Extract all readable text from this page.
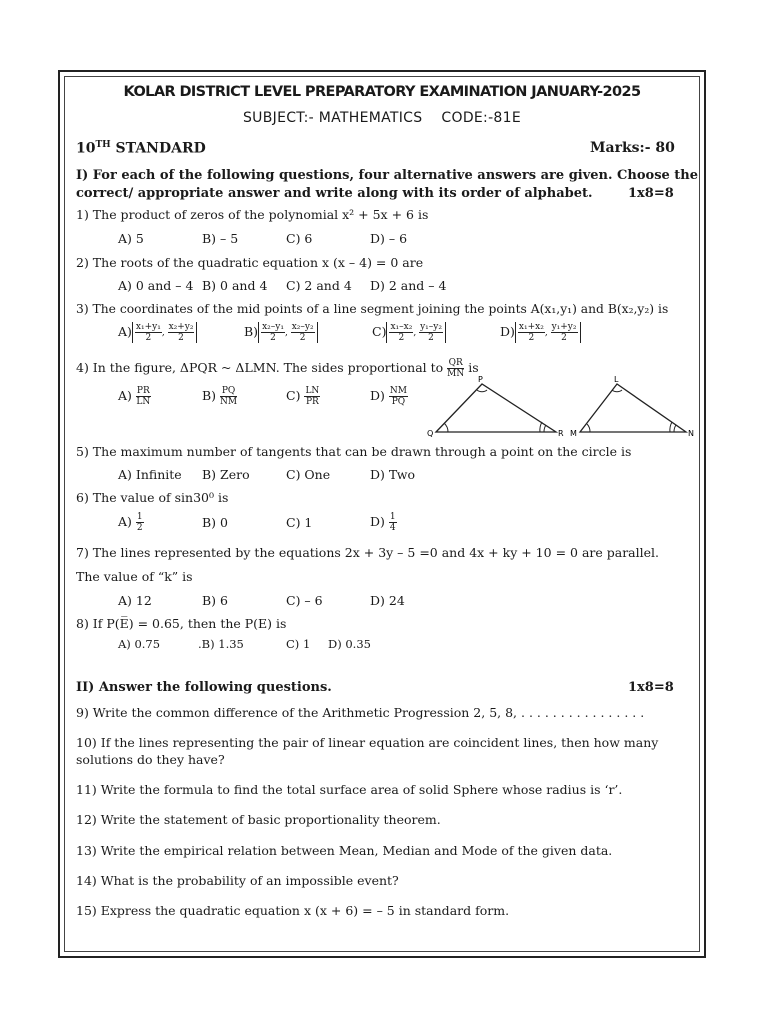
KOLAR DISTRICT LEVEL PREPARATORY EXAMINATION JANUARY-2025
SUBJECT:- MATHEMATICS    CODE:-81E
10TH STANDARD	Marks:- 80
I) For each of the following questions, four alternative answers are given. Choose the
correct/ appropriate answer and write along with its order of alphabet.	1x8=8
1) The product of zeros of the polynomial x² + 5x + 6 is
A) 5	B) – 5	C) 6	D) – 6
2) The roots of the quadratic equation x (x – 4) = 0 are
A) 0 and – 4 B) 0 and 4 C) 2 and 4 D) 2 and – 4
3) The coordinates of the mid points of a line segment joining the points A(x₁,y₁) and B(x₂,y₂) is
$A) \frac{\text{x₁+y₁}}{2}$ , $\frac{\text{x₂+y₂}}{2}$	$B) \frac{\text{x₂–y₁}}{2}$ , $\frac{\text{x₂–y₂}}{2}$	$C) \frac{\text{x₁–x₂}}{2}$ , $\frac{\text{y₁–y₂}}{2}$	$D) \frac{\text{x₁+x₂}}{2}$ , $\frac{\text{y₁+y₂}}{2}$
4) In the figure, ΔPQR ~ ΔLMN. The sides proportional to $\frac{QR}{MN}$ is
$A) \frac{PR}{LN}$	$B) \frac{PQ}{NM}$	$C) \frac{LN}{PR}$	$D) \frac{NM}{PQ}$
P
Q	R
L
M	N
5) The maximum number of tangents that can be drawn through a point on the circle is
A) Infinite B) Zero	C) One	D) Two
6) The value of sin30⁰ is
$A) \frac{1}{2}$	B) 0	C) 1	$D) \frac{1}{4}$
7) The lines represented by the equations 2x + 3y – 5 =0 and 4x + ky + 10 = 0 are parallel.
The value of “k” is
A) 12	B) 6	C) – 6	D) 24
8) If P(E̅) = 0.65, then the P(E) is
A) 0.75	.B) 1.35	C) 1 D) 0.35
II) Answer the following questions.	1x8=8
9) Write the common difference of the Arithmetic Progression 2, 5, 8, . . . . . . . . . . . . . . . .
10) If the lines representing the pair of linear equation are coincident lines, then how many
solutions do they have?
11) Write the formula to find the total surface area of solid Sphere whose radius is ‘r’.
12) Write the statement of basic proportionality theorem.
13) Write the empirical relation between Mean, Median and Mode of the given data.
14) What is the probability of an impossible event?
15) Express the quadratic equation x (x + 6) = – 5 in standard form.
